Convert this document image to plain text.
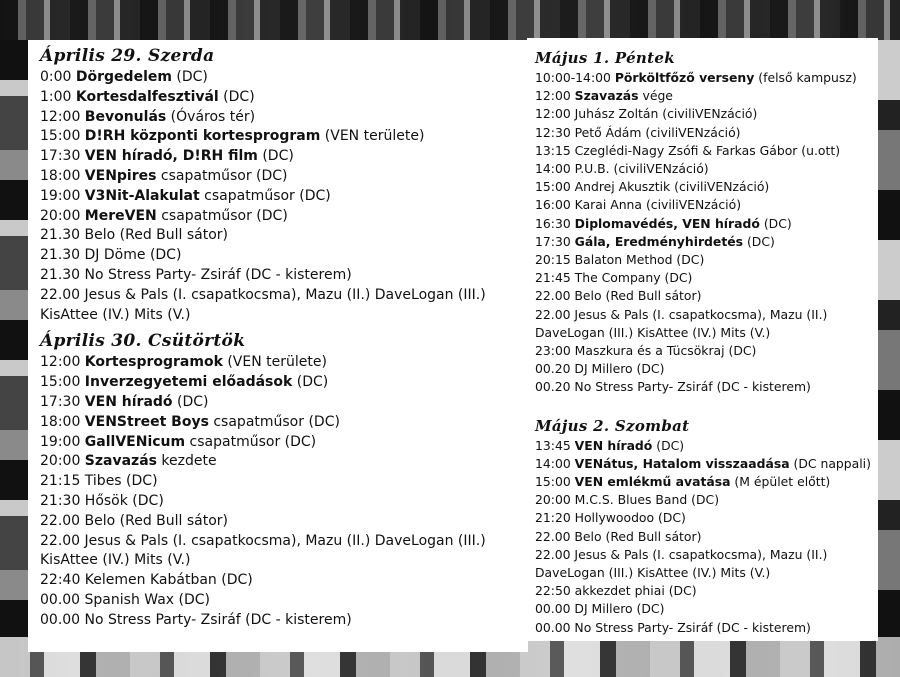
Április 29. Szerda
0:00 Dörgedelem (DC)
1:00 Kortesdalfesztivál (DC)
12:00 Bevonulás (Óváros tér)
15:00 D!RH központi kortesprogram (VEN területe)
17:30 VEN híradó, D!RH film (DC)
18:00 VENpires csapatműsor (DC)
19:00 V3Nit-Alakulat csapatműsor (DC)
20:00 MereVEN csapatműsor (DC)
21.30 Belo (Red Bull sátor)
21.30 DJ Döme (DC)
21.30 No Stress Party- Zsiráf (DC - kisterem)
22.00 Jesus & Pals (I. csapatkocsma), Mazu (II.) DaveLogan (III.) KisAttee (IV.) Mits (V.)
Április 30. Csütörtök
12:00 Kortesprogramok (VEN területe)
15:00 Inverzegyetemi előadások (DC)
17:30 VEN híradó (DC)
18:00 VENStreet Boys csapatműsor (DC)
19:00 GallVENicum csapatműsor (DC)
20:00 Szavazás kezdete
21:15 Tibes (DC)
21:30 Hősök (DC)
22.00 Belo (Red Bull sátor)
22.00 Jesus & Pals (I. csapatkocsma), Mazu (II.) DaveLogan (III.) KisAttee (IV.) Mits (V.)
22:40 Kelemen Kabátban (DC)
00.00 Spanish Wax (DC)
00.00 No Stress Party- Zsiráf (DC - kisterem)
Május 1. Péntek
10:00-14:00 Pörköltfőző verseny (felső kampusz)
12:00 Szavazás vége
12:00 Juhász Zoltán (civiliVENzáció)
12:30 Pető Ádám (civiliVENzáció)
13:15 Czeglédi-Nagy Zsófi & Farkas Gábor (u.ott)
14:00 P.U.B. (civiliVENzáció)
15:00 Andrej Akusztik (civiliVENzáció)
16:00 Karai Anna (civiliVENzáció)
16:30 Diplomavédés, VEN híradó (DC)
17:30 Gála, Eredményhirdetés (DC)
20:15 Balaton Method (DC)
21:45 The Company (DC)
22.00 Belo (Red Bull sátor)
22.00 Jesus & Pals (I. csapatkocsma), Mazu (II.) DaveLogan (III.) KisAttee (IV.) Mits (V.)
23:00 Maszkura és a Tücsökraj (DC)
00.20 DJ Millero (DC)
00.20 No Stress Party- Zsiráf (DC - kisterem)
Május 2. Szombat
13:45 VEN híradó (DC)
14:00 VENátus, Hatalom visszaadása (DC nappali)
15:00 VEN emlékmű avatása (M épület előtt)
20:00 M.C.S. Blues Band (DC)
21:20 Hollywoodoo (DC)
22.00 Belo (Red Bull sátor)
22.00 Jesus & Pals (I. csapatkocsma), Mazu (II.) DaveLogan (III.) KisAttee (IV.) Mits (V.)
22:50 akkezdet phiai (DC)
00.00 DJ Millero (DC)
00.00 No Stress Party- Zsiráf (DC - kisterem)
